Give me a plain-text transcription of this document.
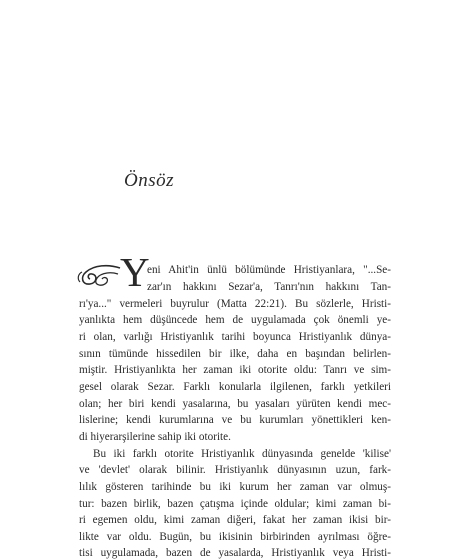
Önsöz
Y
eni Ahit'in ünlü bölümünde Hristiyanlara, "...Se-
zar'ın hakkını Sezar'a, Tanrı'nın hakkını Tan-
rı'ya..." vermeleri buyrulur (Matta 22:21). Bu sözlerle, Hristi-
yanlıkta hem düşüncede hem de uygulamada çok önemli ye-
ri olan, varlığı Hristiyanlık tarihi boyunca Hristiyanlık dünya-
sının tümünde hissedilen bir ilke, daha en başından belirlen-
miştir. Hristiyanlıkta her zaman iki otorite oldu: Tanrı ve sim-
gesel olarak Sezar. Farklı konularla ilgilenen, farklı yetkileri
olan; her biri kendi yasalarına, bu yasaları yürüten kendi mec-
lislerine; kendi kurumlarına ve bu kurumları yönettikleri ken-
di hiyerarşilerine sahip iki otorite.
Bu iki farklı otorite Hristiyanlık dünyasında genelde 'kilise'
ve 'devlet' olarak bilinir. Hristiyanlık dünyasının uzun, fark-
lılık gösteren tarihinde bu iki kurum her zaman var olmuş-
tur: bazen birlik, bazen çatışma içinde oldular; kimi zaman bi-
ri egemen oldu, kimi zaman diğeri, fakat her zaman ikisi bir-
likte var oldu. Bugün, bu ikisinin birbirinden ayrılması öğre-
tisi uygulamada, bazen de yasalarda, Hristiyanlık veya Hristi-
